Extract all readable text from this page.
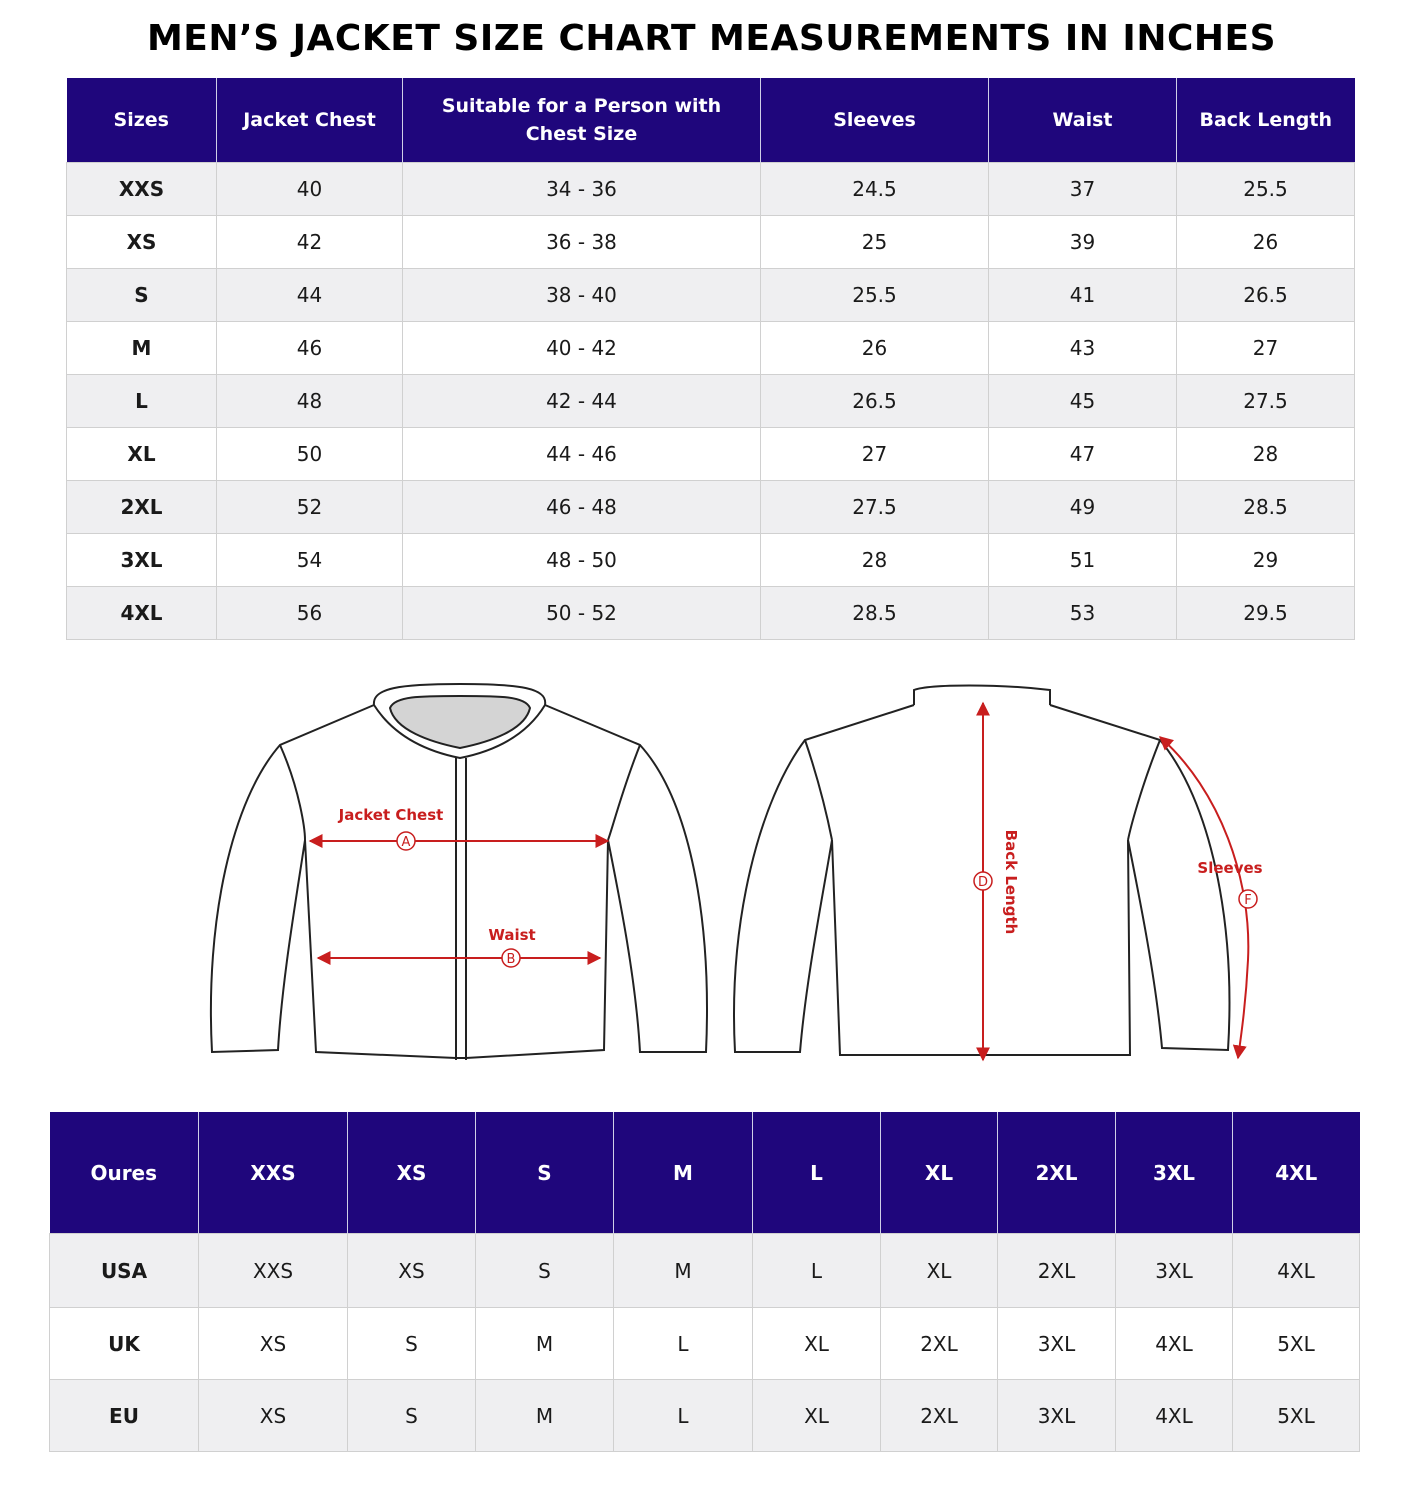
MEN’S JACKET SIZE CHART MEASUREMENTS IN INCHES
Sizes	Jacket Chest	Suitable for a Person with Chest Size	Sleeves	Waist	Back Length
XXS	40	34 - 36	24.5	37	25.5
XS	42	36 - 38	25	39	26
S	44	38 - 40	25.5	41	26.5
M	46	40 - 42	26	43	27
L	48	42 - 44	26.5	45	27.5
XL	50	44 - 46	27	47	28
2XL	52	46 - 48	27.5	49	28.5
3XL	54	48 - 50	28	51	29
4XL	56	50 - 52	28.5	53	29.5
Jacket Chest
A
Waist
B
D Back Length	Sleeves
F
Oures	XXS	XS	S	M	L	XL	2XL	3XL	4XL
USA	XXS	XS	S	M	L	XL	2XL	3XL	4XL
UK	XS	S	M	L	XL	2XL	3XL	4XL	5XL
EU	XS	S	M	L	XL	2XL	3XL	4XL	5XL
